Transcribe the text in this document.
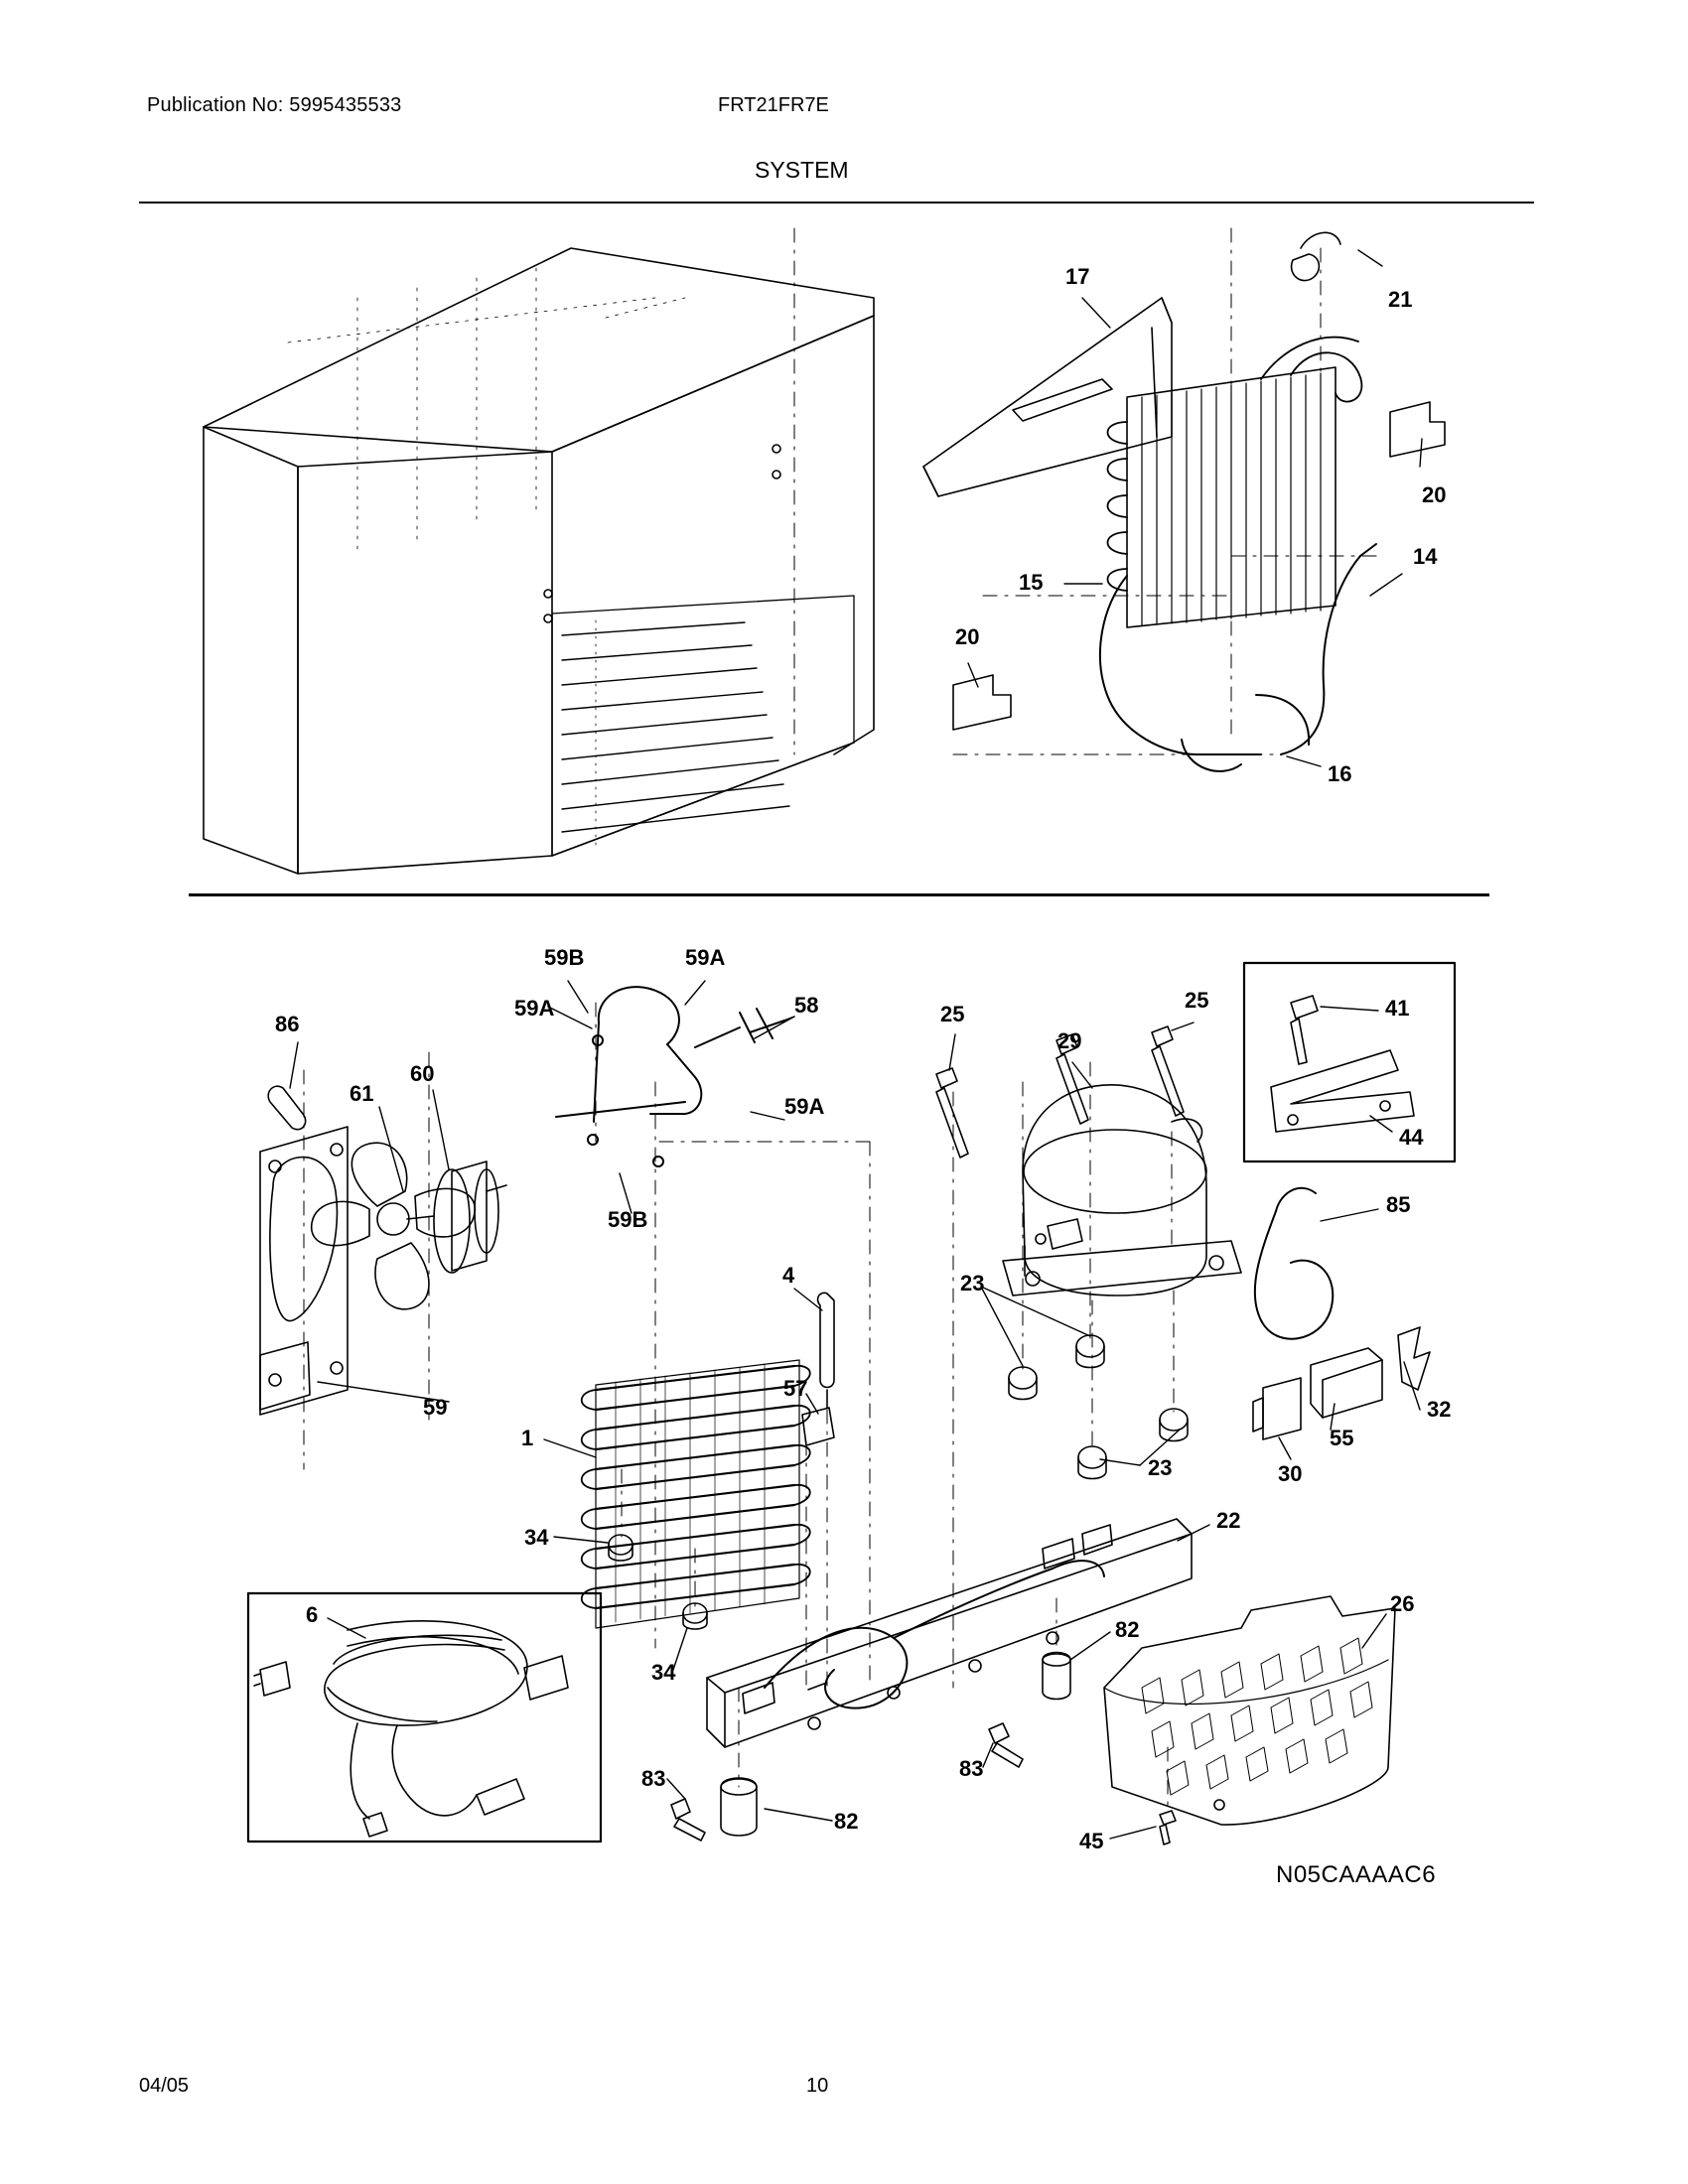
Publication No: 5995435533	FRT21FR7E
SYSTEM
04/05	10
N05CAAAAC6
17
21
20
15
14
20
16
59B	59A
59A	58	25
25
29
41
86
60
59A
61
44
59B
85
4	23
59
57
32
1	55
23	30
34
22
26
6
82
34
83	83
82
45
